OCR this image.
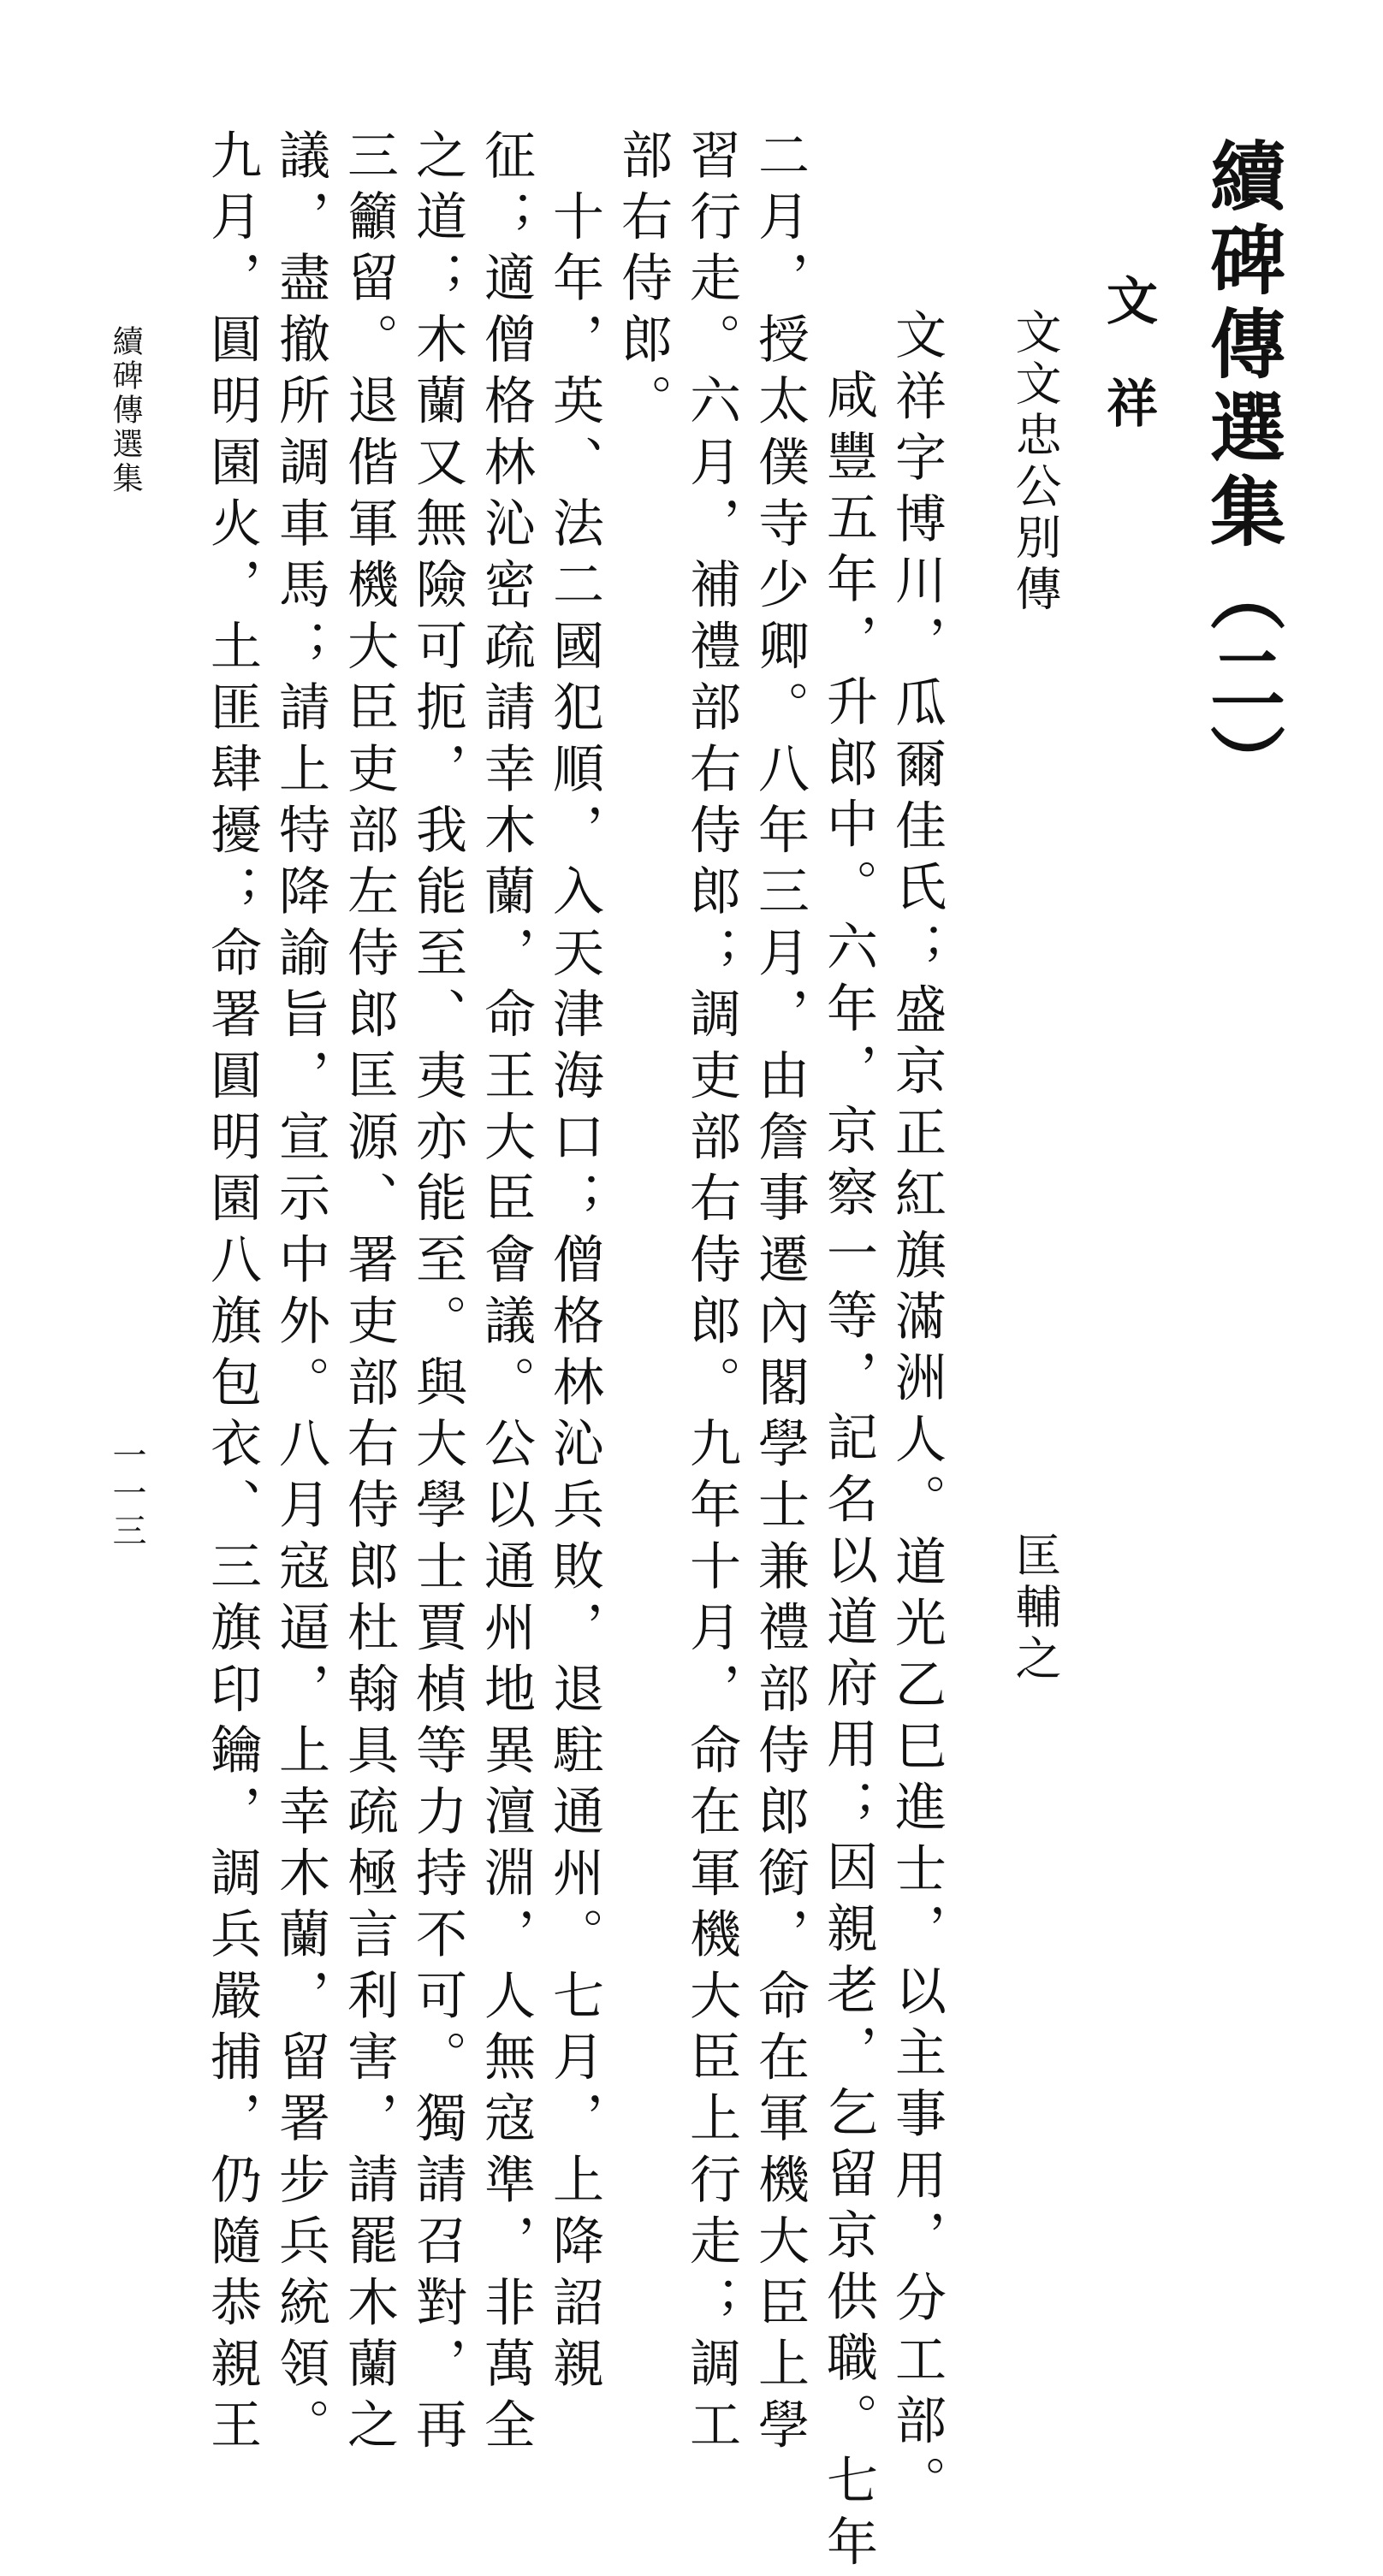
續碑傳選集（二）
文祥
文文忠公別傳
匡輔之
文祥字博川，瓜爾佳氏；盛京正紅旗滿洲人。道光乙巳進士，以主事用，分工部。
咸豐五年，升郎中。六年，京察一等，記名以道府用；因親老，乞留京供職。七年
二月，授太僕寺少卿。八年三月，由詹事遷內閣學士兼禮部侍郎銜，命在軍機大臣上學
習行走。六月，補禮部右侍郎；調吏部右侍郎。九年十月，命在軍機大臣上行走；調工
部右侍郎。
　十年，英、法二國犯順，入天津海口；僧格林沁兵敗，退駐通州。七月，上降詔親
征；適僧格林沁密疏請幸木蘭，命王大臣會議。公以通州地異澶淵，人無寇準，非萬全
之道；木蘭又無險可扼，我能至、夷亦能至。與大學士賈楨等力持不可。獨請召對，再
三籲留。退偕軍機大臣吏部左侍郎匡源、署吏部右侍郎杜翰具疏極言利害，請罷木蘭之
議，盡撤所調車馬；請上特降諭旨，宣示中外。八月寇逼，上幸木蘭，留署步兵統領。
九月，圓明園火，土匪肆擾；命署圓明園八旗包衣、三旗印鑰，調兵嚴捕，仍隨恭親王
續碑傳選集
一一三
